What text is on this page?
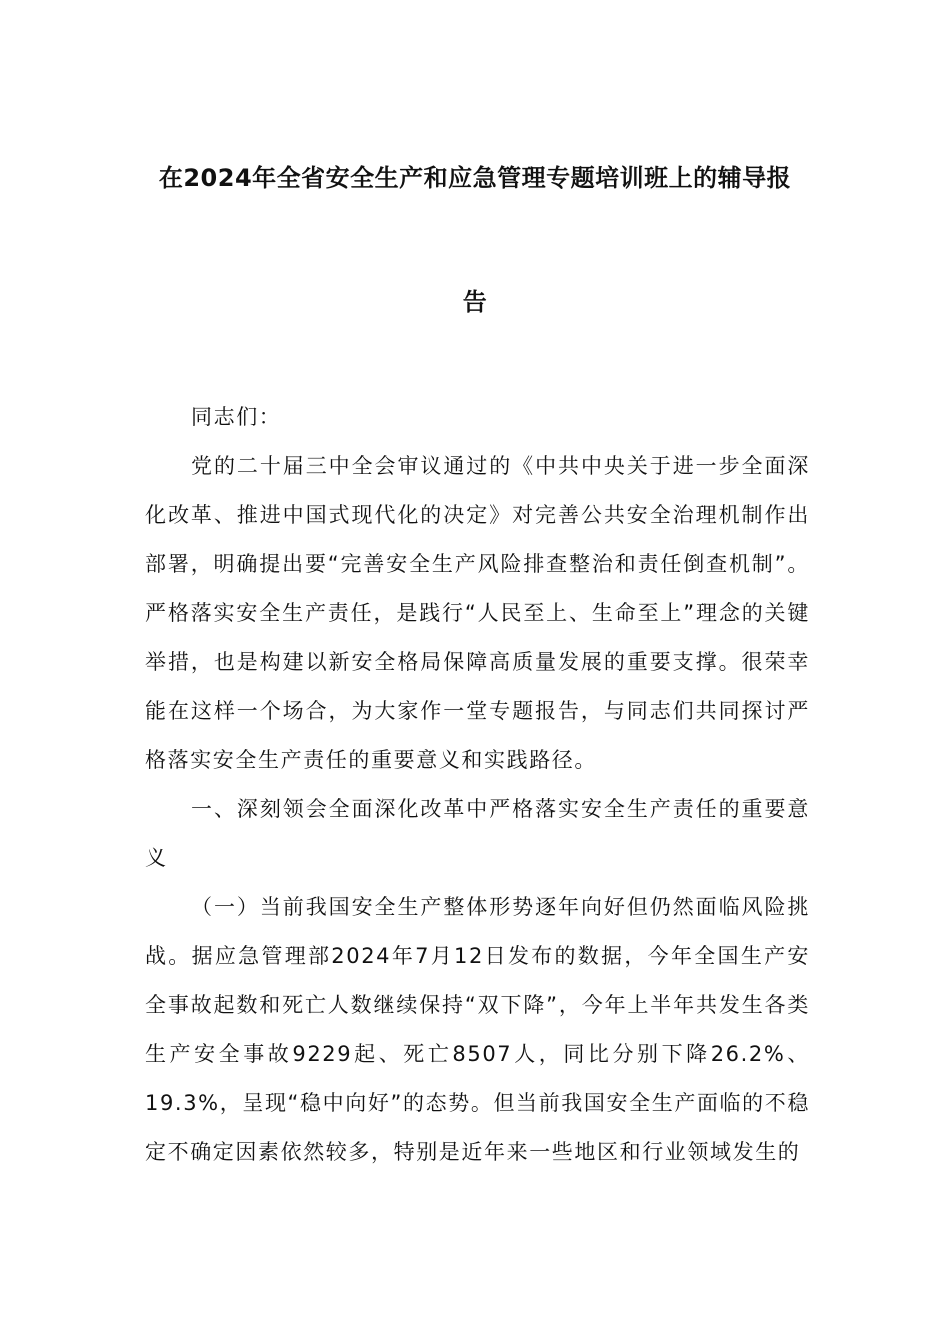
在2024年全省安全生产和应急管理专题培训班上的辅导报
告

同志们：

党的二十届三中全会审议通过的《中共中央关于进一步全面深化改革、推进中国式现代化的决定》对完善公共安全治理机制作出部署，明确提出要“完善安全生产风险排查整治和责任倒查机制”。严格落实安全生产责任，是践行“人民至上、生命至上”理念的关键举措，也是构建以新安全格局保障高质量发展的重要支撑。很荣幸能在这样一个场合，为大家作一堂专题报告，与同志们共同探讨严格落实安全生产责任的重要意义和实践路径。

一、深刻领会全面深化改革中严格落实安全生产责任的重要意义

（一）当前我国安全生产整体形势逐年向好但仍然面临风险挑战。据应急管理部2024年7月12日发布的数据，今年全国生产安全事故起数和死亡人数继续保持“双下降”，今年上半年共发生各类生产安全事故9229起、死亡8507人，同比分别下降26.2%、19.3%，呈现“稳中向好”的态势。但当前我国安全生产面临的不稳定不确定因素依然较多，特别是近年来一些地区和行业领域发生的
